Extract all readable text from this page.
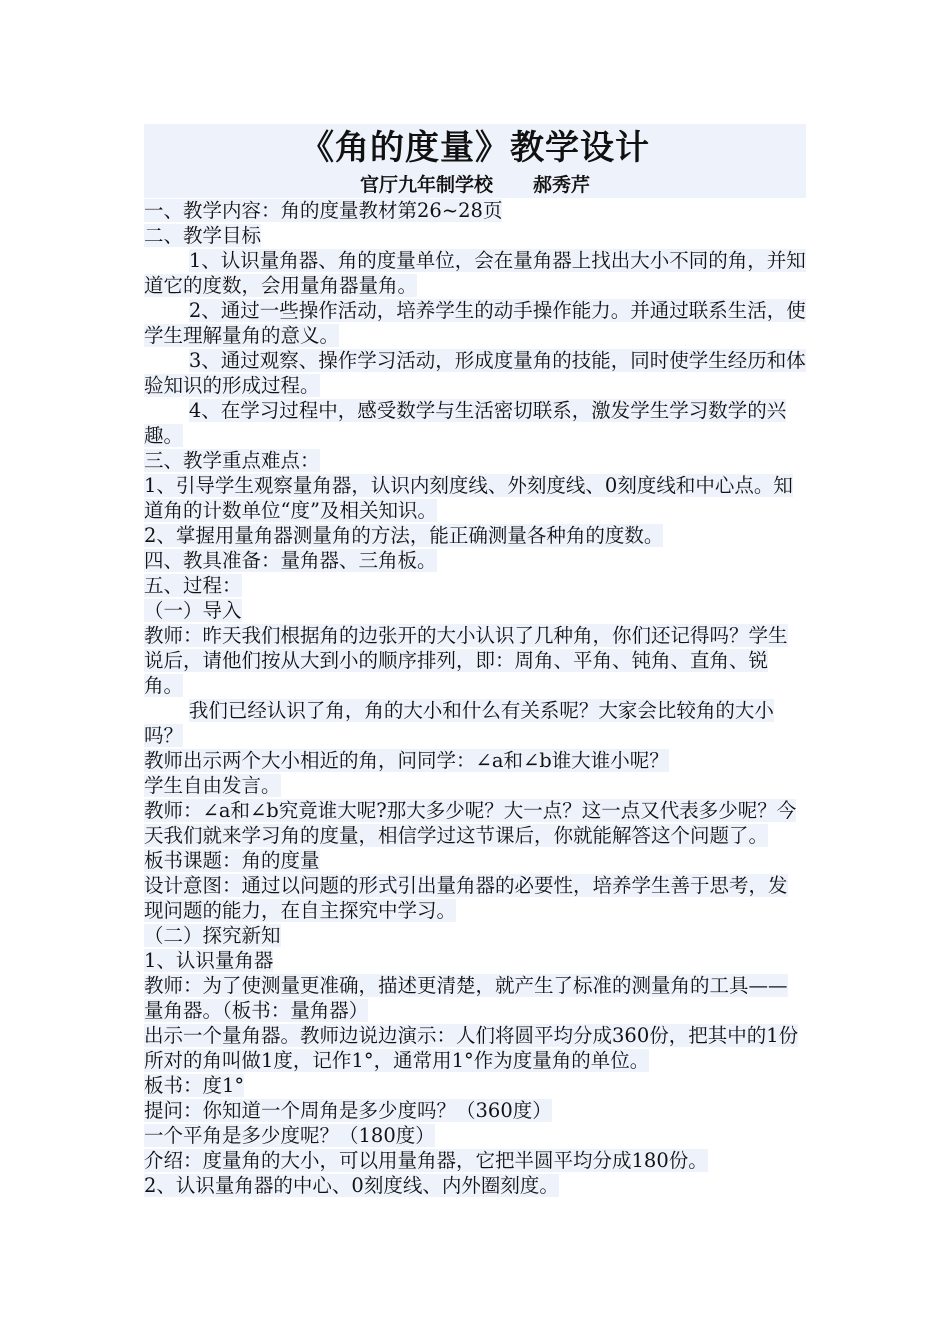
《角的度量》教学设计
官厅九年制学校 郝秀芹

一、教学内容：角的度量教材第26~28页

二、教学目标

1、认识量角器、角的度量单位，会在量角器上找出大小不同的角，并知道它的度数，会用量角器量角。

2、通过一些操作活动，培养学生的动手操作能力。并通过联系生活，使学生理解量角的意义。

3、通过观察、操作学习活动，形成度量角的技能，同时使学生经历和体验知识的形成过程。

4、在学习过程中，感受数学与生活密切联系，激发学生学习数学的兴趣。

三、教学重点难点：

1、引导学生观察量角器，认识内刻度线、外刻度线、0刻度线和中心点。知道角的计数单位“度”及相关知识。

2、掌握用量角器测量角的方法，能正确测量各种角的度数。

四、教具准备：量角器、三角板。

五、过程：

（一）导入

教师：昨天我们根据角的边张开的大小认识了几种角，你们还记得吗？学生说后，请他们按从大到小的顺序排列，即：周角、平角、钝角、直角、锐角。

我们已经认识了角，角的大小和什么有关系呢？大家会比较角的大小吗？

教师出示两个大小相近的角，问同学：∠a和∠b谁大谁小呢？

学生自由发言。

教师：∠a和∠b究竟谁大呢?那大多少呢？大一点？这一点又代表多少呢？今天我们就来学习角的度量，相信学过这节课后，你就能解答这个问题了。

板书课题：角的度量

设计意图：通过以问题的形式引出量角器的必要性，培养学生善于思考，发现问题的能力，在自主探究中学习。

（二）探究新知

1、认识量角器

教师：为了使测量更准确，描述更清楚，就产生了标准的测量角的工具——量角器。（板书：量角器）

出示一个量角器。教师边说边演示：人们将圆平均分成360份，把其中的1份所对的角叫做1度，记作1°，通常用1°作为度量角的单位。

板书：度1°

提问：你知道一个周角是多少度吗？（360度）

一个平角是多少度呢？（180度）

介绍：度量角的大小，可以用量角器，它把半圆平均分成180份。

2、认识量角器的中心、0刻度线、内外圈刻度。
